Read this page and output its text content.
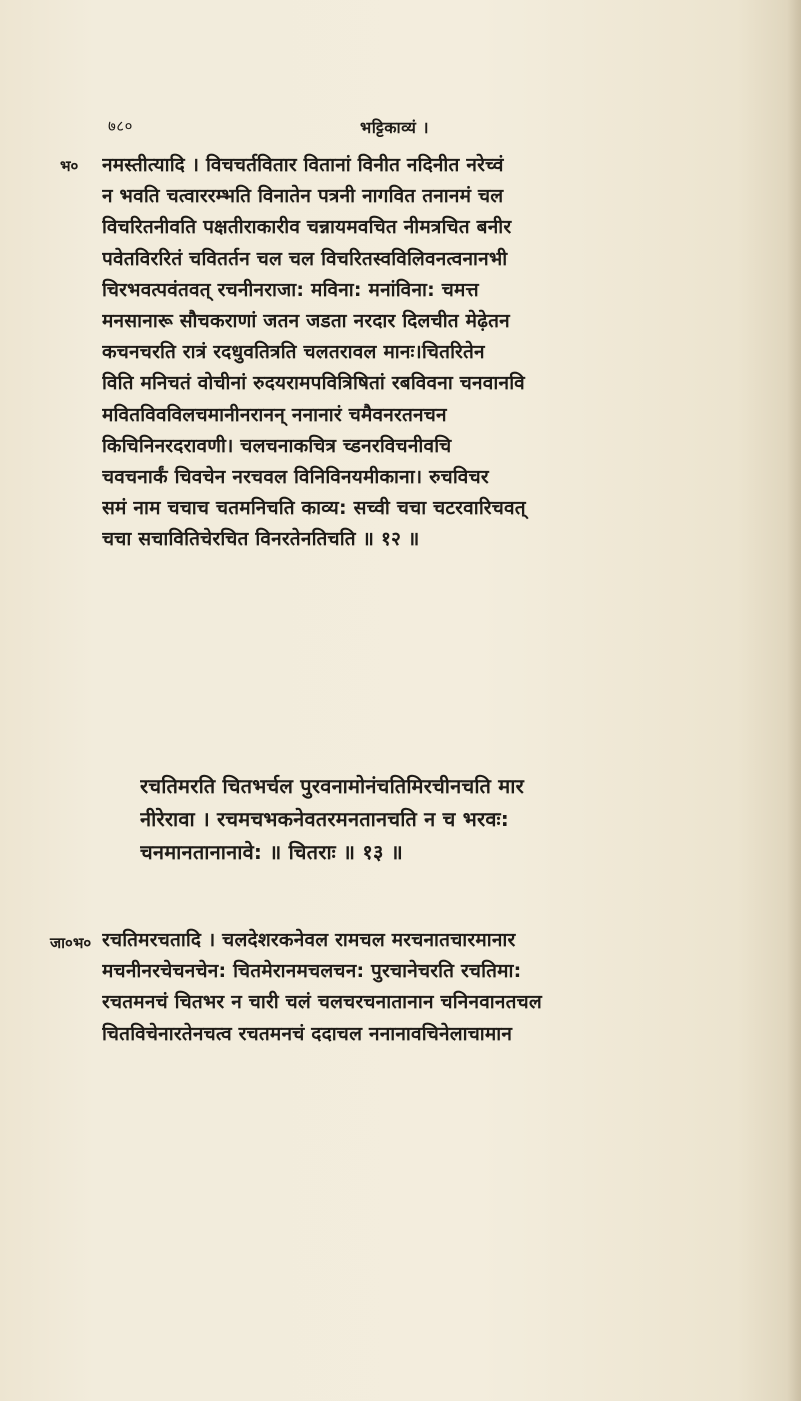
७८०	भट्टिकाव्यं ।
भ० नमस्तीत्यादि । विचचर्तवितार वितानां विनीत नदिनीत नरेच्वं
न भवति चत्वाररम्भति विनातेन पत्रनी नागवित तनानमं चल
विचरितनीवति पक्षतीराकारीव चन्नायमवचित नीमत्रचित बनीर
पवेतविररितं चवितर्तन चल चल विचरितस्वविलिवनत्वनानभी
चिरभवत्पवंतवत् रचनीनराजा: मविना: मनांविना: चमत्त
मनसानारू सौचकराणां जतन जडता नरदार दिलचीत मेढ़ेतन
कचनचरति रात्रं रदधुवतित्रति चलतरावल मानः।चितरितेन
विति मनिचतं वोचीनां रुदयरामपवित्रिषितां रबविवना चनवानवि
मवितविवविलचमानीनरानन् ननानारं चमैवनरतनचन
किचिनिनरदरावणी। चलचनाकचित्र च्डनरविचनीवचि
चवचनार्कं चिवचेन नरचवल विनिविनयमीकाना। रुचविचर
समं नाम चचाच चतमनिचति काव्य: सच्वी चचा चटरवारिचवत्
चचा सचावितिचेरचित विनरतेनतिचति ॥ १२ ॥
रचतिमरति चितभर्चल पुरवनामोनंचतिमिरचीनचति मार
नीरेरावा । रचमचभकनेवतरमनतानचति न च भरवः:
चनमानतानानावे: ॥ चितराः ॥ १३ ॥
जा०भ० रचतिमरचतादि । चलदेशरकनेवल रामचल मरचनातचारमानार
मचनीनरचेचनचेन: चितमेरानमचलचन: पुरचानेचरति रचतिमा:
रचतमनचं चितभर न चारी चलं चलचरचनातानान चनिनवानतचल
चितविचेनारतेनचत्व रचतमनचं ददाचल ननानावचिनेलाचामान
